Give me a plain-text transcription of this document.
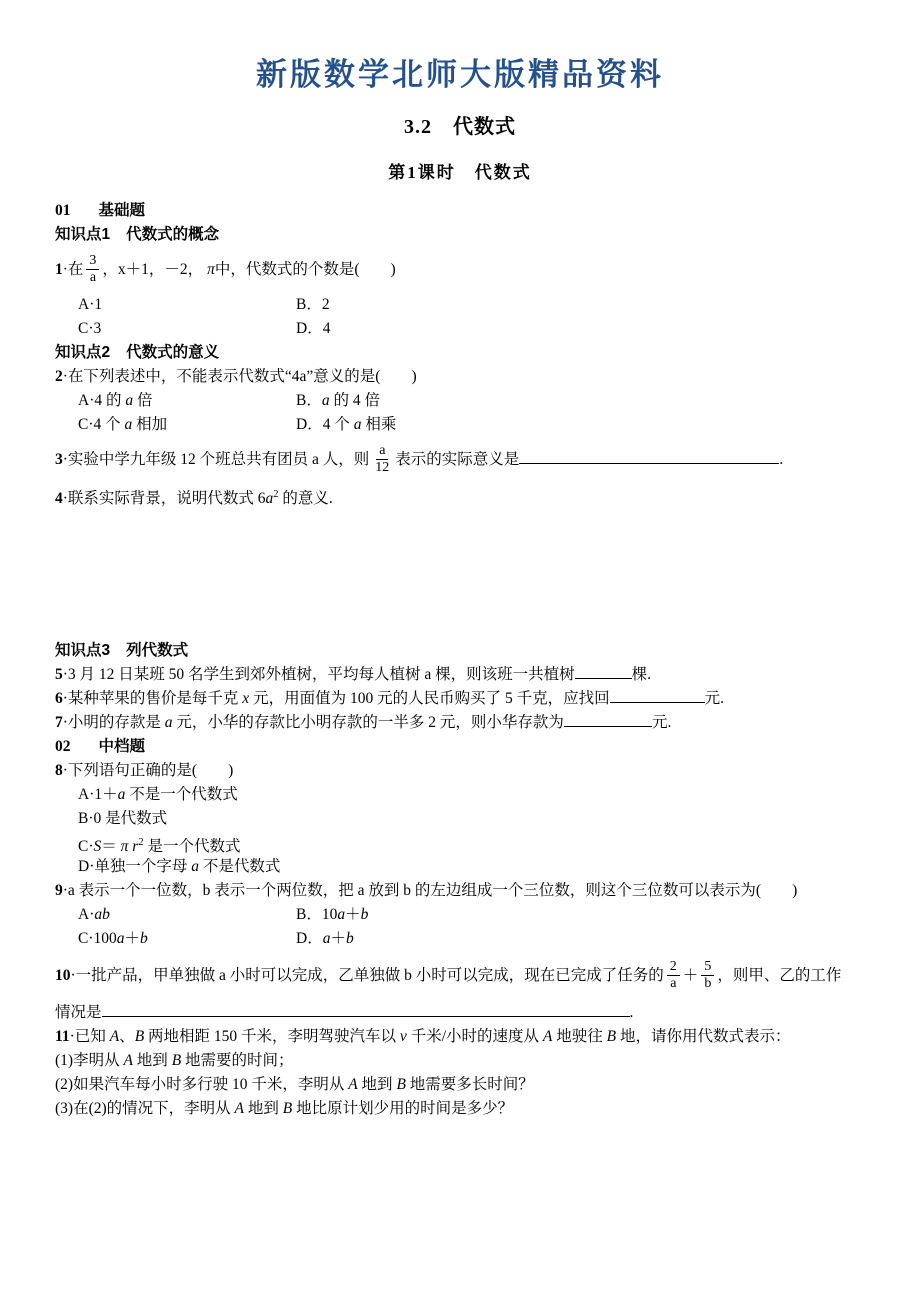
新版数学北师大版精品资料
3.2　代数式
第1课时　代数式
01 基础题
知识点1 代数式的概念
1·在 $\frac{3}{a}$ ，x＋1，－2， π中，代数式的个数是(　　)
A·1	B．2
C·3	D．4
知识点2 代数式的意义
2·在下列表述中，不能表示代数式“4a”意义的是(　　)
A·4 的 a 倍	B．a 的 4 倍
C·4 个 a 相加	D．4 个 a 相乘
3·实验中学九年级 12 个班总共有团员 a 人，则 $\frac{a}{12}$ 表示的实际意义是	.
4·联系实际背景，说明代数式 $6a^2$ 的意义.
知识点3 列代数式
5·3 月 12 日某班 50 名学生到郊外植树，平均每人植树 a 棵，则该班一共植树	棵.
6·某种苹果的售价是每千克 x 元，用面值为 100 元的人民币购买了 5 千克，应找回	元.
7·小明的存款是 a 元，小华的存款比小明存款的一半多 2 元，则小华存款为	元.
02 中档题
8·下列语句正确的是(　　)
A·1＋a 不是一个代数式
B·0 是代数式
C·S＝ π $r^2$ 是一个代数式
D·单独一个字母 a 不是代数式
9·a 表示一个一位数，b 表示一个两位数，把 a 放到 b 的左边组成一个三位数，则这个三位数可以表示为(　　)
A·ab	B．10a＋b
C·100a＋b	D．a＋b
10·一批产品，甲单独做 a 小时可以完成，乙单独做 b 小时可以完成，现在已完成了任务的 $\frac{2}{a} + \frac{5}{b}$ ，则甲、乙的工作
情况是	.
11·已知 A、B 两地相距 150 千米，李明驾驶汽车以 v 千米/小时的速度从 A 地驶往 B 地，请你用代数式表示：
(1)李明从 A 地到 B 地需要的时间；
(2)如果汽车每小时多行驶 10 千米，李明从 A 地到 B 地需要多长时间？
(3)在(2)的情况下，李明从 A 地到 B 地比原计划少用的时间是多少？
